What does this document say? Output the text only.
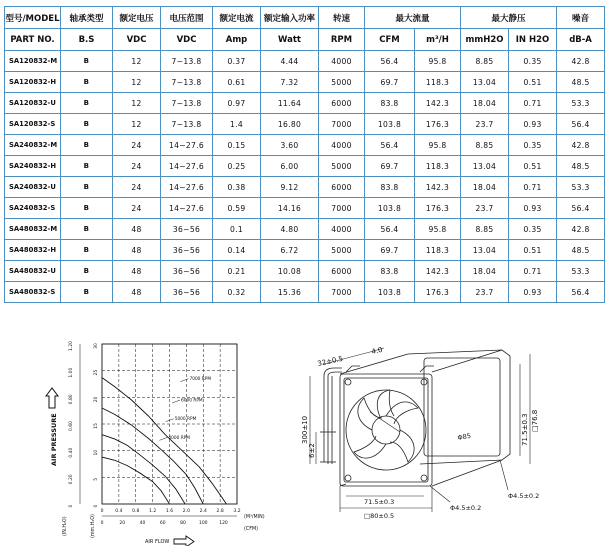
型号/MODEL	轴承类型	额定电压	电压范围	额定电流	额定输入功率	转速	最大流量		最大静压		噪音
PART NO.	B.S	VDC	VDC	Amp	Watt	RPM	CFM	m³/H	mmH2O	IN H2O	dB-A
SA120832-M	B	12	7~13.8	0.37	4.44	4000	56.4	95.8	8.85	0.35	42.8
SA120832-H	B	12	7~13.8	0.61	7.32	5000	69.7	118.3	13.04	0.51	48.5
SA120832-U	B	12	7~13.8	0.97	11.64	6000	83.8	142.3	18.04	0.71	53.3
SA120832-S	B	12	7~13.8	1.4	16.80	7000	103.8	176.3	23.7	0.93	56.4
SA240832-M	B	24	14~27.6	0.15	3.60	4000	56.4	95.8	8.85	0.35	42.8
SA240832-H	B	24	14~27.6	0.25	6.00	5000	69.7	118.3	13.04	0.51	48.5
SA240832-U	B	24	14~27.6	0.38	9.12	6000	83.8	142.3	18.04	0.71	53.3
SA240832-S	B	24	14~27.6	0.59	14.16	7000	103.8	176.3	23.7	0.93	56.4
SA480832-M	B	48	36~56	0.1	4.80	4000	56.4	95.8	8.85	0.35	42.8
SA480832-H	B	48	36~56	0.14	6.72	5000	69.7	118.3	13.04	0.51	48.5
SA480832-U	B	48	36~56	0.21	10.08	6000	83.8	142.3	18.04	0.71	53.3
SA480832-S	B	48	36~56	0.32	15.36	7000	103.8	176.3	23.7	0.93	56.4
AIR PRESSURE
(IN.H₂O)	(mm.H₂O)
7000 RPM
6000 RPM
5000 RPM
4000 RPM
0	0.4 0.8 1.2 1.6 2.0 2.4 2.8 3.2
0	20	40	60	80	100	120
0
5
10
15
20
25
30
0
0.20
0.40
0.60
0.80
1.00
1.20
(M³/MIN)
(CFM)
AIR FLOW
32±0.5
4.0
300±10
6±2
Φ85	71.5±0.3 □76.8
Φ4.5±0.2
Φ4.5±0.2
71.5±0.3
□80±0.5
